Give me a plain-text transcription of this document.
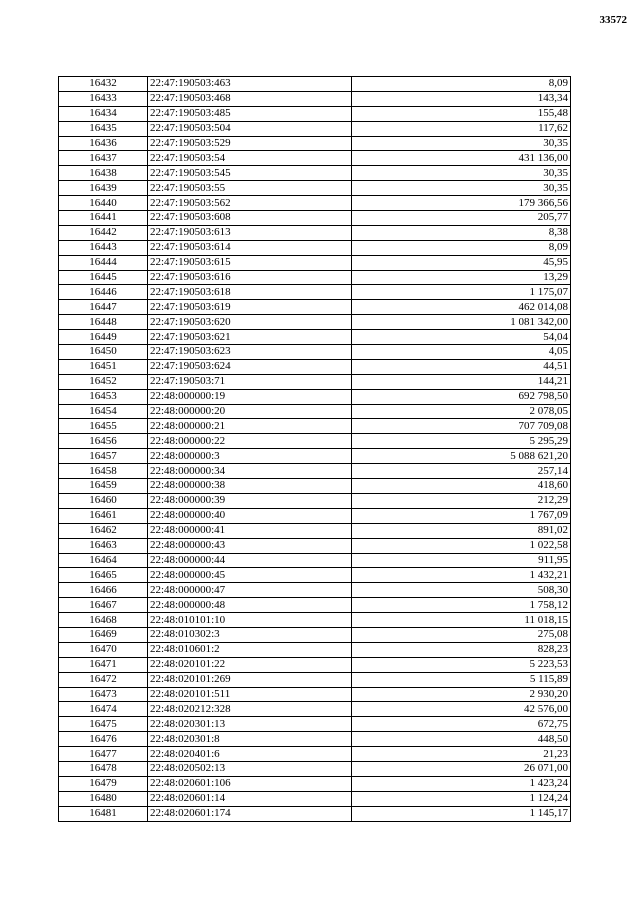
33572
16432	22:47:190503:463	8,09
16433	22:47:190503:468	143,34
16434	22:47:190503:485	155,48
16435	22:47:190503:504	117,62
16436	22:47:190503:529	30,35
16437	22:47:190503:54	431 136,00
16438	22:47:190503:545	30,35
16439	22:47:190503:55	30,35
16440	22:47:190503:562	179 366,56
16441	22:47:190503:608	205,77
16442	22:47:190503:613	8,38
16443	22:47:190503:614	8,09
16444	22:47:190503:615	45,95
16445	22:47:190503:616	13,29
16446	22:47:190503:618	1 175,07
16447	22:47:190503:619	462 014,08
16448	22:47:190503:620	1 081 342,00
16449	22:47:190503:621	54,04
16450	22:47:190503:623	4,05
16451	22:47:190503:624	44,51
16452	22:47:190503:71	144,21
16453	22:48:000000:19	692 798,50
16454	22:48:000000:20	2 078,05
16455	22:48:000000:21	707 709,08
16456	22:48:000000:22	5 295,29
16457	22:48:000000:3	5 088 621,20
16458	22:48:000000:34	257,14
16459	22:48:000000:38	418,60
16460	22:48:000000:39	212,29
16461	22:48:000000:40	1 767,09
16462	22:48:000000:41	891,02
16463	22:48:000000:43	1 022,58
16464	22:48:000000:44	911,95
16465	22:48:000000:45	1 432,21
16466	22:48:000000:47	508,30
16467	22:48:000000:48	1 758,12
16468	22:48:010101:10	11 018,15
16469	22:48:010302:3	275,08
16470	22:48:010601:2	828,23
16471	22:48:020101:22	5 223,53
16472	22:48:020101:269	5 115,89
16473	22:48:020101:511	2 930,20
16474	22:48:020212:328	42 576,00
16475	22:48:020301:13	672,75
16476	22:48:020301:8	448,50
16477	22:48:020401:6	21,23
16478	22:48:020502:13	26 071,00
16479	22:48:020601:106	1 423,24
16480	22:48:020601:14	1 124,24
16481	22:48:020601:174	1 145,17
